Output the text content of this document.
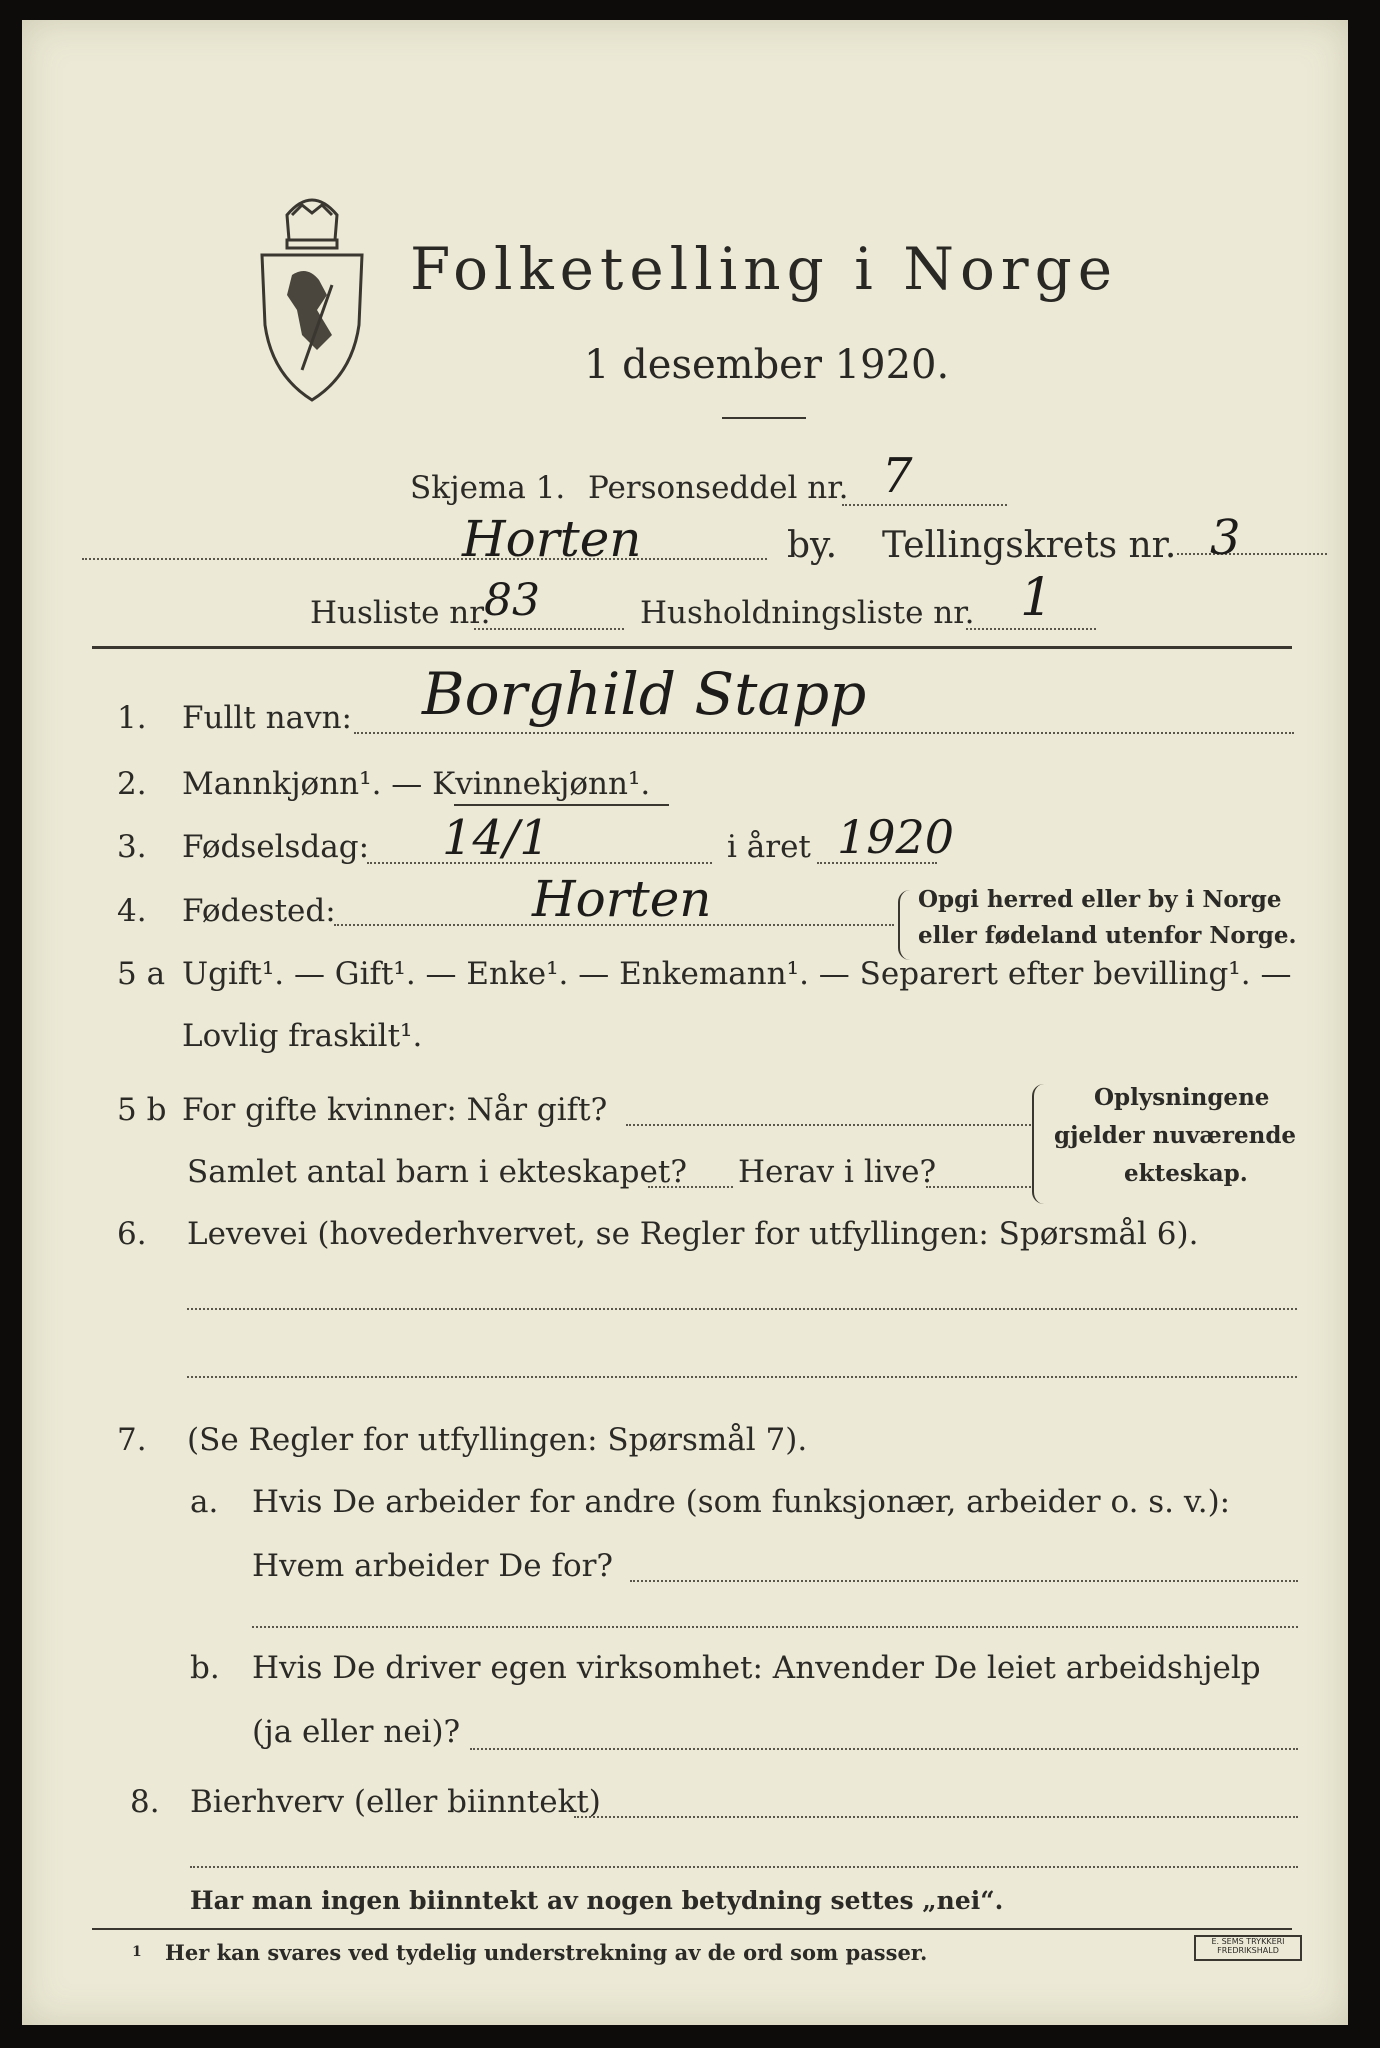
Folketelling i Norge
1 desember 1920.
Skjema 1. Personseddel nr. 7
Horten	by. Tellingskrets nr. 3
Husliste nr.
83	Husholdningsliste nr. 1
1. Fullt navn: Borghild Stapp
2. Mannkjønn¹. — Kvinnekjønn¹.
3. Fødselsdag: 14/1	i året 1920
4. Fødested:	Horten	Opgi herred eller by i Norge
eller fødeland utenfor Norge.
5 a Ugift¹. — Gift¹. — Enke¹. — Enkemann¹. — Separert efter bevilling¹. —
Lovlig fraskilt¹.
5 b For gifte kvinner: Når gift?
Samlet antal barn i ekteskapet? Herav i live?
Oplysningene
gjelder nuværende
ekteskap.
6. Levevei (hovederhvervet, se Regler for utfyllingen: Spørsmål 6).
7. (Se Regler for utfyllingen: Spørsmål 7).
a. Hvis De arbeider for andre (som funksjonær, arbeider o. s. v.):
Hvem arbeider De for?
b. Hvis De driver egen virksomhet: Anvender De leiet arbeidshjelp
(ja eller nei)?
8. Bierhverv (eller biinntekt)
Har man ingen biinntekt av nogen betydning settes „nei“.
1 Her kan svares ved tydelig understrekning av de ord som passer.	E. SEMS TRYKKERI
FREDRIKSHALD
